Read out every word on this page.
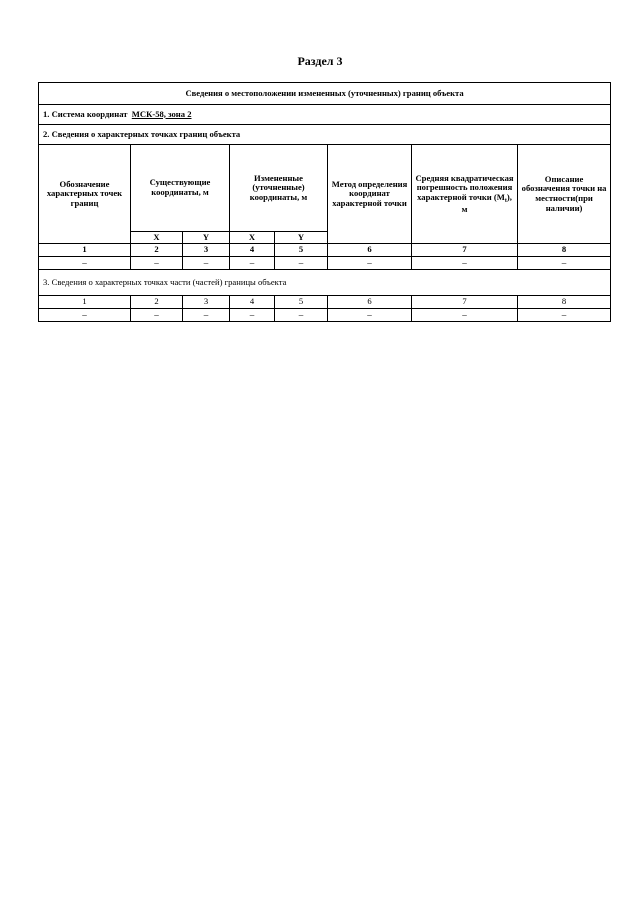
Раздел 3
Сведения о местоположении измененных (уточненных) границ объекта							
1. Система координат МСК-58, зона 2							
2. Сведения о характерных точках границ объекта							
Обозначение характерных точек границ	Существующие координаты, м		Измененные (уточненные) координаты, м		Метод определения координат характерной точки	Средняя квадратическая погрешность положения характерной точки $(M_t)$, м	Описание обозначения точки на местности(при наличии)
	X	Y	X	Y			
1	2	3	4	5	6	7	8
–	–	–	–	–	–	–	–
3. Сведения о характерных точках части (частей) границы объекта							
1	2	3	4	5	6	7	8
–	–	–	–	–	–	–	–
